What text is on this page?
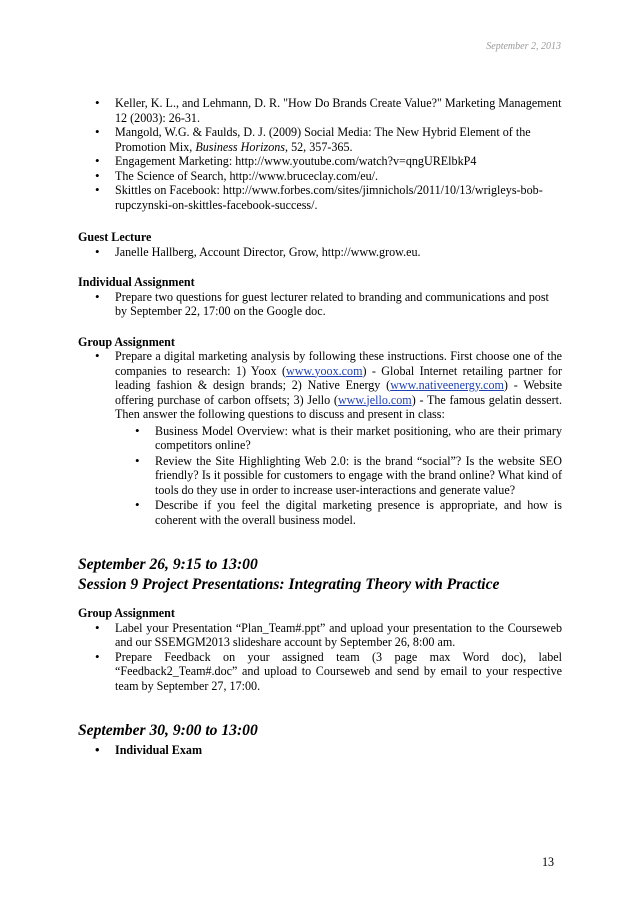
September 2, 2013
• Keller, K. L., and Lehmann, D. R. "How Do Brands Create Value?" Marketing Management 12 (2003): 26-31.
• Mangold, W.G. & Faulds, D. J. (2009) Social Media: The New Hybrid Element of the Promotion Mix, Business Horizons, 52, 357-365.
• Engagement Marketing: http://www.youtube.com/watch?v=qngURElbkP4
• The Science of Search, http://www.bruceclay.com/eu/.
• Skittles on Facebook: http://www.forbes.com/sites/jimnichols/2011/10/13/wrigleys-bob-rupczynski-on-skittles-facebook-success/.

Guest Lecture

• Janelle Hallberg, Account Director, Grow, http://www.grow.eu.

Individual Assignment

• Prepare two questions for guest lecturer related to branding and communications and post by September 22, 17:00 on the Google doc.

Group Assignment

• Prepare a digital marketing analysis by following these instructions. First choose one of the companies to research: 1) Yoox (www.yoox.com) - Global Internet retailing partner for leading fashion & design brands; 2) Native Energy (www.nativeenergy.com) - Website offering purchase of carbon offsets; 3) Jello (www.jello.com) - The famous gelatin dessert. Then answer the following questions to discuss and present in class:
• Business Model Overview: what is their market positioning, who are their primary competitors online?
• Review the Site Highlighting Web 2.0: is the brand “social”? Is the website SEO friendly? Is it possible for customers to engage with the brand online? What kind of tools do they use in order to increase user-interactions and generate value?
• Describe if you feel the digital marketing presence is appropriate, and how is coherent with the overall business model.

September 26, 9:15 to 13:00

Session 9 Project Presentations: Integrating Theory with Practice

Group Assignment

• Label your Presentation “Plan_Team#.ppt” and upload your presentation to the Courseweb and our SSEMGM2013 slideshare account by September 26, 8:00 am.
• Prepare Feedback on your assigned team (3 page max Word doc), label “Feedback2_Team#.doc” and upload to Courseweb and send by email to your respective team by September 27, 17:00.

September 30, 9:00 to 13:00

• Individual Exam
13
